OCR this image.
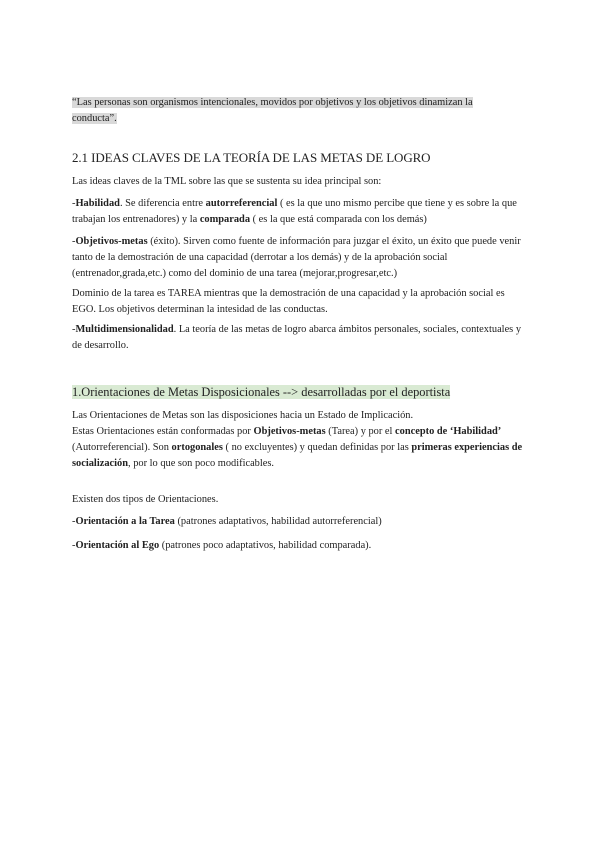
“Las personas son organismos intencionales, movidos por objetivos y los objetivos dinamizan la conducta”.
2.1 IDEAS CLAVES DE LA TEORÍA DE LAS METAS DE LOGRO

Las ideas claves de la TML sobre las que se sustenta su idea principal son:

-Habilidad. Se diferencia entre autorreferencial ( es la que uno mismo percibe que tiene y es sobre la que trabajan los entrenadores) y la comparada ( es la que está comparada con los demás)

-Objetivos-metas (éxito). Sirven como fuente de información para juzgar el éxito, un éxito que puede venir tanto de la demostración de una capacidad (derrotar a los demás) y de la aprobación social (entrenador,grada,etc.) como del dominio de una tarea (mejorar,progresar,etc.)

Dominio de la tarea es TAREA mientras que la demostración de una capacidad y la aprobación social es EGO. Los objetivos determinan la intesidad de las conductas.

-Multidimensionalidad. La teoría de las metas de logro abarca ámbitos personales, sociales, contextuales y de desarrollo.

1.Orientaciones de Metas Disposicionales --> desarrolladas por el deportista

Las Orientaciones de Metas son las disposiciones hacia un Estado de Implicación.

Estas Orientaciones están conformadas por Objetivos-metas (Tarea) y por el concepto de ‘Habilidad’ (Autorreferencial). Son ortogonales ( no excluyentes) y quedan definidas por las primeras experiencias de socialización, por lo que son poco modificables.

Existen dos tipos de Orientaciones.

-Orientación a la Tarea (patrones adaptativos, habilidad autorreferencial)

-Orientación al Ego (patrones poco adaptativos, habilidad comparada).
